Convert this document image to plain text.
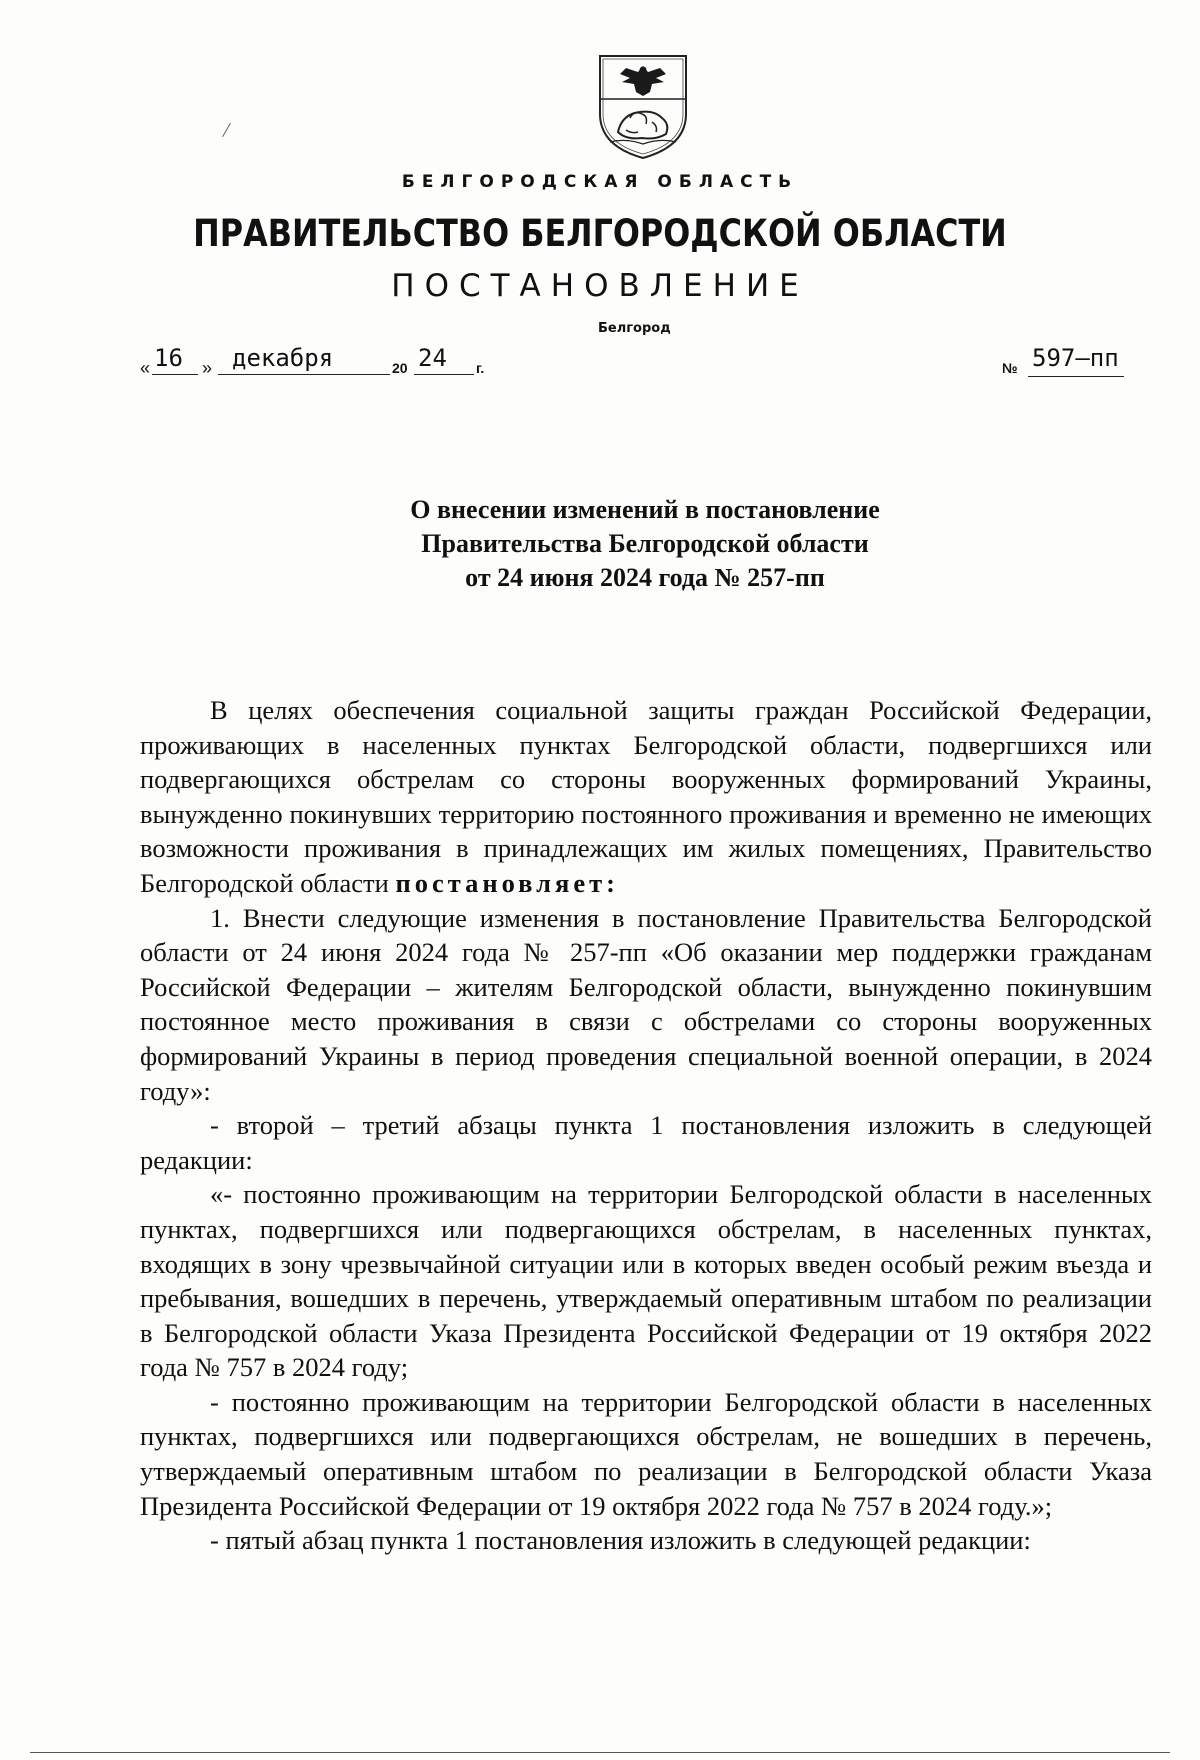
БЕЛГОРОДСКАЯ ОБЛАСТЬ
ПРАВИТЕЛЬСТВО БЕЛГОРОДСКОЙ ОБЛАСТИ
ПОСТАНОВЛЕНИЕ
Белгород
« 16 » декабря	20 24 г.	№ 597–пп
О внесении изменений в постановление
Правительства Белгородской области
от 24 июня 2024 года № 257-пп

В целях обеспечения социальной защиты граждан Российской Федерации, проживающих в населенных пунктах Белгородской области, подвергшихся или подвергающихся обстрелам со стороны вооруженных формирований Украины, вынужденно покинувших территорию постоянного проживания и временно не имеющих возможности проживания в принадлежащих им жилых помещениях, Правительство Белгородской области постановляет:

1. Внести следующие изменения в постановление Правительства Белгородской области от 24 июня 2024 года № 257-пп «Об оказании мер поддержки гражданам Российской Федерации – жителям Белгородской области, вынужденно покинувшим постоянное место проживания в связи с обстрелами со стороны вооруженных формирований Украины в период проведения специальной военной операции, в 2024 году»:

- второй – третий абзацы пункта 1 постановления изложить в следующей редакции:

«- постоянно проживающим на территории Белгородской области в населенных пунктах, подвергшихся или подвергающихся обстрелам, в населенных пунктах, входящих в зону чрезвычайной ситуации или в которых введен особый режим въезда и пребывания, вошедших в перечень, утверждаемый оперативным штабом по реализации в Белгородской области Указа Президента Российской Федерации от 19 октября 2022 года № 757 в 2024 году;

- постоянно проживающим на территории Белгородской области в населенных пунктах, подвергшихся или подвергающихся обстрелам, не вошедших в перечень, утверждаемый оперативным штабом по реализации в Белгородской области Указа Президента Российской Федерации от 19 октября 2022 года № 757 в 2024 году.»;

- пятый абзац пункта 1 постановления изложить в следующей редакции:
